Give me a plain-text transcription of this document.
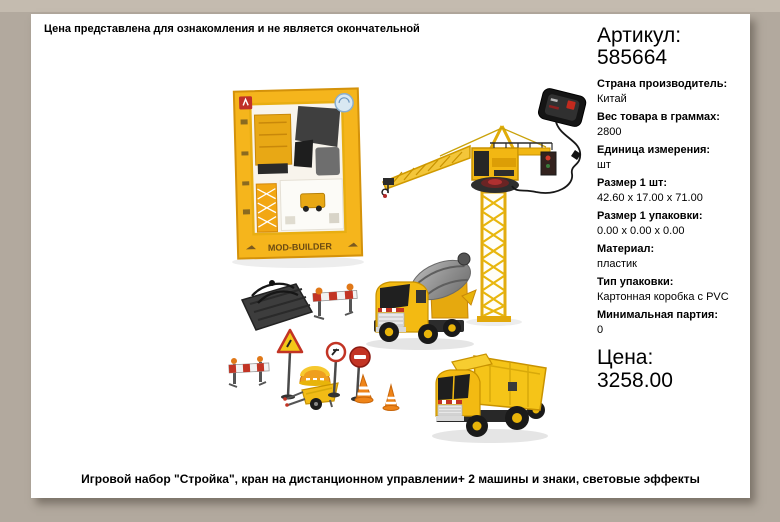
Цена представлена для ознакомления и не является окончательной
MOD-BUILDER
Артикул:
585664
Страна производитель:
Китай
Вес товара в граммах:
2800
Единица измерения:
шт
Размер 1 шт:
42.60 x 17.00 x 71.00
Размер 1 упаковки:
0.00 x 0.00 x 0.00
Материал:
пластик
Тип упаковки:
Картонная коробка с PVC
Минимальная партия:
0
Цена:
3258.00
Игровой набор "Стройка", кран на дистанционном управлении+ 2 машины и знаки, световые эффекты
